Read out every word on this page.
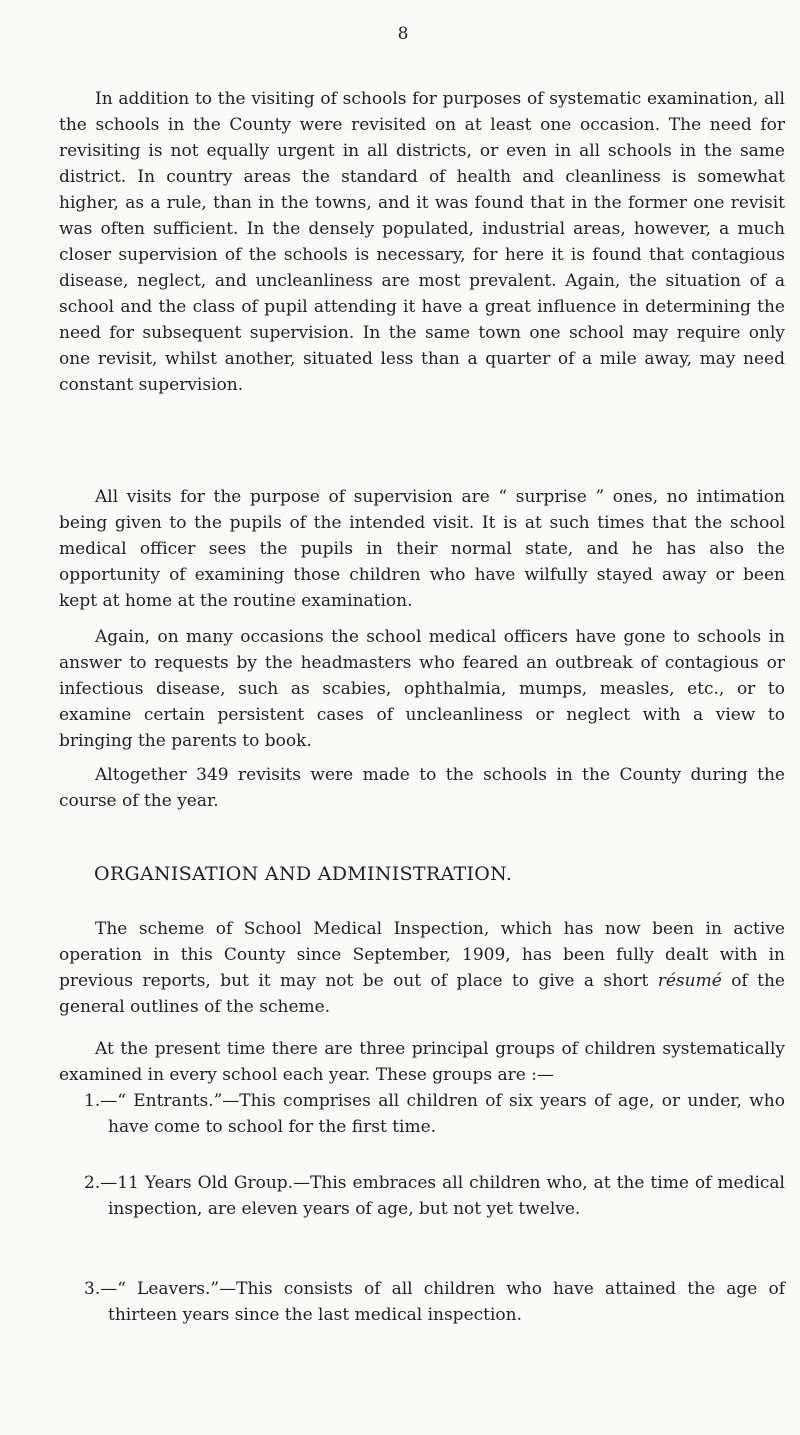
8

In addition to the visiting of schools for purposes of systematic examination, all the schools in the County were revisited on at least one occasion. The need for revisiting is not equally urgent in all districts, or even in all schools in the same district. In country areas the standard of health and cleanliness is somewhat higher, as a rule, than in the towns, and it was found that in the former one revisit was often sufficient. In the densely populated, industrial areas, however, a much closer supervision of the schools is necessary, for here it is found that contagious disease, neglect, and uncleanliness are most prevalent. Again, the situation of a school and the class of pupil attending it have a great influence in determining the need for subsequent supervision. In the same town one school may require only one revisit, whilst another, situated less than a quarter of a mile away, may need constant supervision.

All visits for the purpose of supervision are “ surprise ” ones, no intimation being given to the pupils of the intended visit. It is at such times that the school medical officer sees the pupils in their normal state, and he has also the opportunity of examining those children who have wilfully stayed away or been kept at home at the routine examination.

Again, on many occasions the school medical officers have gone to schools in answer to requests by the headmasters who feared an outbreak of contagious or infectious disease, such as scabies, ophthalmia, mumps, measles, etc., or to examine certain persistent cases of uncleanliness or neglect with a view to bringing the parents to book.

Altogether 349 revisits were made to the schools in the County during the course of the year.

ORGANISATION AND ADMINISTRATION.

The scheme of School Medical Inspection, which has now been in active operation in this County since September, 1909, has been fully dealt with in previous reports, but it may not be out of place to give a short résumé of the general outlines of the scheme.

At the present time there are three principal groups of children systematically examined in every school each year. These groups are :—

1.—“ Entrants.”—This comprises all children of six years of age, or under, who have come to school for the first time.

2.—11 Years Old Group.—This embraces all children who, at the time of medical inspection, are eleven years of age, but not yet twelve.

3.—“ Leavers.”—This consists of all children who have attained the age of thirteen years since the last medical inspection.
